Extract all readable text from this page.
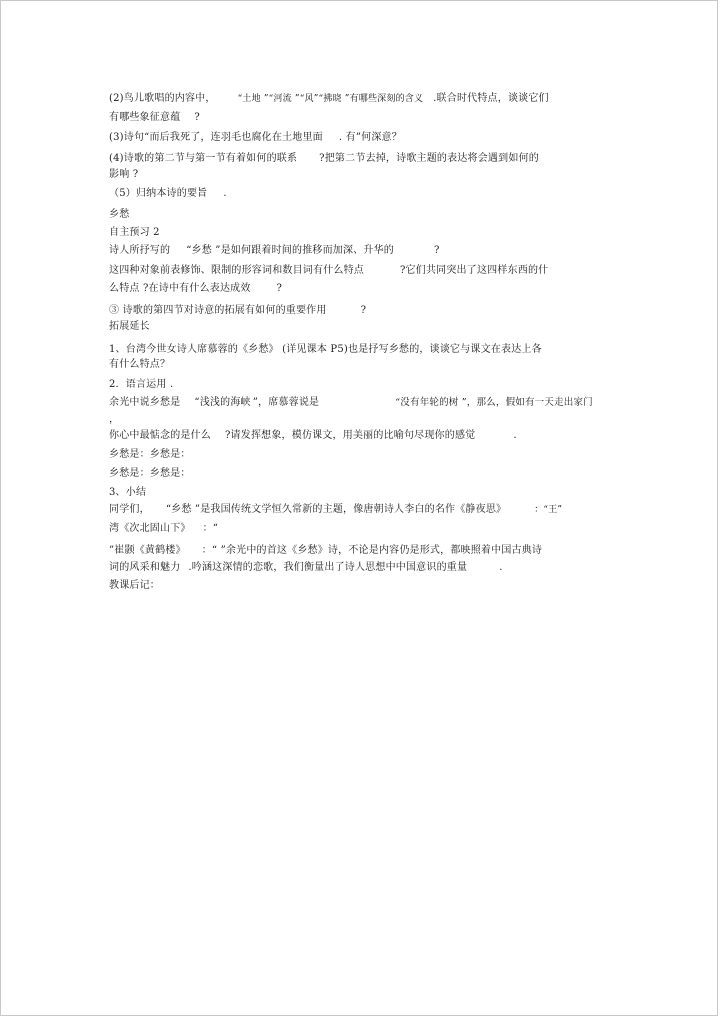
(2)鸟儿歌唱的内容中， “土地 ”“河流 ”“风”“拂晓 ”有哪些深刻的含义 .联合时代特点，谈谈它们
有哪些象征意蕴 ?
(3)诗句“而后我死了，连羽毛也腐化在土地里面 . 有”何深意？
(4)诗歌的第二节与第一节有着如何的联系 ?把第二节去掉，诗歌主题的表达将会遇到如何的
影响 ?
（5）归纳本诗的要旨 .
乡愁
自主预习 2
诗人所抒写的 “乡愁 ”是如何跟着时间的推移而加深、升华的	?
这四种对象前表修饰、限制的形容词和数目词有什么特点	?它们共同突出了这四样东西的什
么特点 ?在诗中有什么表达成效	?
③ 诗歌的第四节对诗意的拓展有如何的重要作用	?
拓展延长
1、台湾今世女诗人席慕蓉的《乡愁》 (详见课本 P5)也是抒写乡愁的，谈谈它与课文在表达上各
有什么特点？
2．语言运用 .
余光中说乡愁是 “浅浅的海峡 ”，席慕蓉说是	“没有年轮的树 ”，那么，假如有一天走出家门
，
你心中最惦念的是什么 ?请发挥想象，模仿课文，用美丽的比喻句尽现你的感觉	.
乡愁是：乡愁是：
乡愁是：乡愁是：
3、小结
同学们， “乡愁 ”是我国传统文学恒久常新的主题，像唐朝诗人李白的名作《静夜思》	：“王”
湾《次北固山下》 ：“
”崔颢《黄鹤楼》 ：“ ”余光中的首这《乡愁》诗，不论是内容仍是形式，都映照着中国古典诗
词的风采和魅力 .吟涵这深情的恋歌，我们衡量出了诗人思想中中国意识的重量	.
教课后记：
